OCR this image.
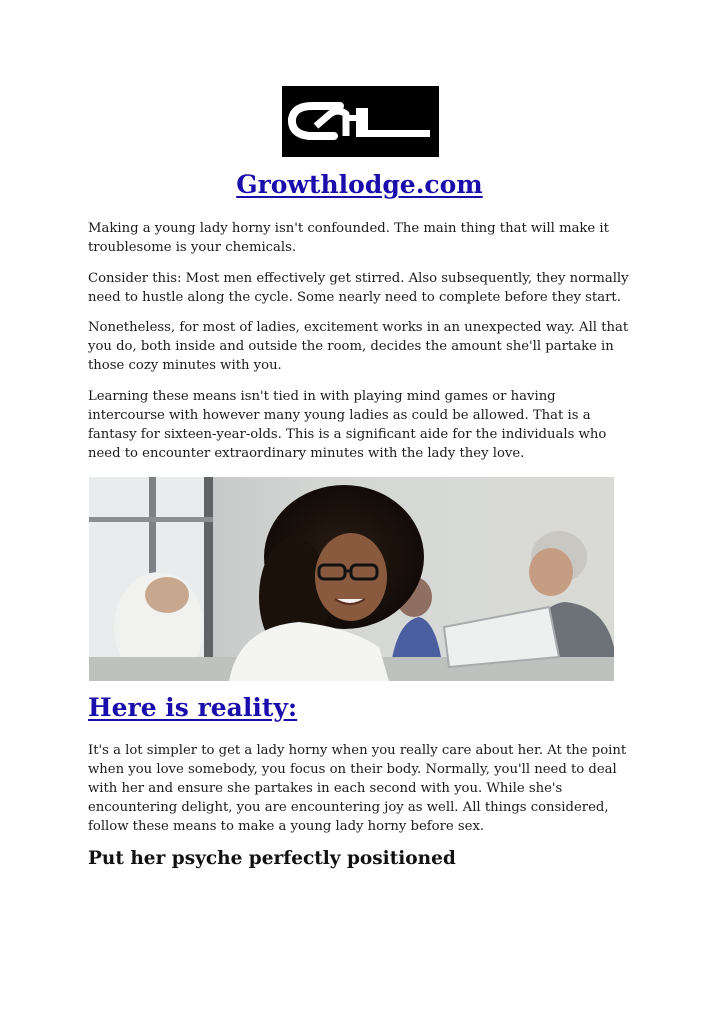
Growthlodge.com

Making a young lady horny isn't confounded. The main thing that will make it troublesome is your chemicals.

Consider this: Most men effectively get stirred. Also subsequently, they normally need to hustle along the cycle. Some nearly need to complete before they start.

Nonetheless, for most of ladies, excitement works in an unexpected way. All that you do, both inside and outside the room, decides the amount she'll partake in those cozy minutes with you.

Learning these means isn't tied in with playing mind games or having intercourse with however many young ladies as could be allowed. That is a fantasy for sixteen-year-olds. This is a significant aide for the individuals who need to encounter extraordinary minutes with the lady they love.

Here is reality:

It's a lot simpler to get a lady horny when you really care about her. At the point when you love somebody, you focus on their body. Normally, you'll need to deal with her and ensure she partakes in each second with you. While she's encountering delight, you are encountering joy as well. All things considered, follow these means to make a young lady horny before sex.

Put her psyche perfectly positioned
